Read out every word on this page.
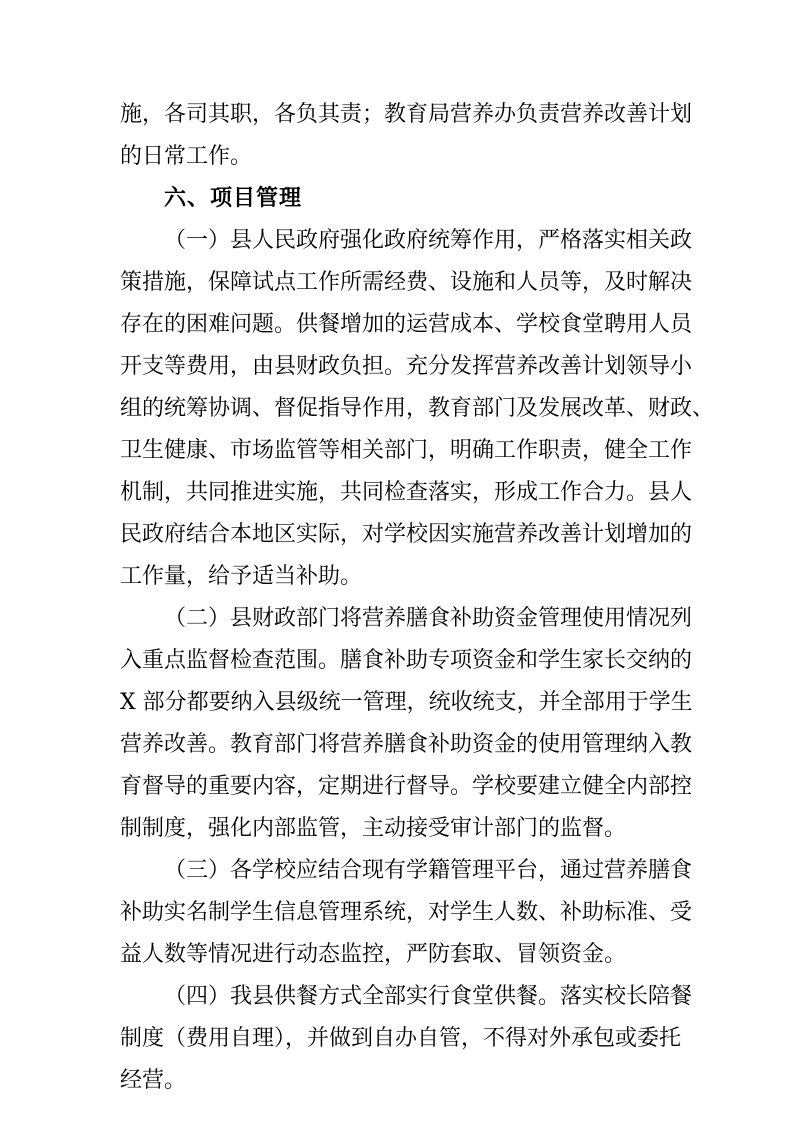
施，各司其职，各负其责；教育局营养办负责营养改善计划
的日常工作。
六、项目管理
（一）县人民政府强化政府统筹作用，严格落实相关政
策措施，保障试点工作所需经费、设施和人员等，及时解决
存在的困难问题。供餐增加的运营成本、学校食堂聘用人员
开支等费用，由县财政负担。充分发挥营养改善计划领导小
组的统筹协调、督促指导作用，教育部门及发展改革、财政、
卫生健康、市场监管等相关部门，明确工作职责，健全工作
机制，共同推进实施，共同检查落实，形成工作合力。县人
民政府结合本地区实际，对学校因实施营养改善计划增加的
工作量，给予适当补助。
（二）县财政部门将营养膳食补助资金管理使用情况列
入重点监督检查范围。膳食补助专项资金和学生家长交纳的
X 部分都要纳入县级统一管理，统收统支，并全部用于学生
营养改善。教育部门将营养膳食补助资金的使用管理纳入教
育督导的重要内容，定期进行督导。学校要建立健全内部控
制制度，强化内部监管，主动接受审计部门的监督。
（三）各学校应结合现有学籍管理平台，通过营养膳食
补助实名制学生信息管理系统，对学生人数、补助标准、受
益人数等情况进行动态监控，严防套取、冒领资金。
（四）我县供餐方式全部实行食堂供餐。落实校长陪餐
制度（费用自理），并做到自办自管，不得对外承包或委托
经营。
